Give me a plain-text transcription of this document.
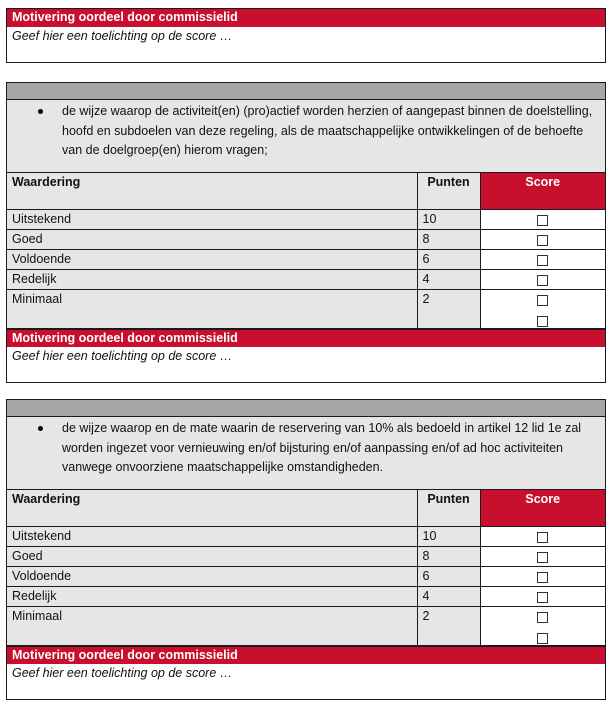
Motivering oordeel door commissielid
Geef hier een toelichting op de score …
de wijze waarop de activiteit(en) (pro)actief worden herzien of aangepast binnen de doelstelling, hoofd en subdoelen van deze regeling, als de maatschappelijke ontwikkelingen of de behoefte van de doelgroep(en) hierom vragen;
Waardering	Punten	Score
Uitstekend	10	
Goed	8	
Voldoende	6	
Redelijk	4	
Minimaal	2	
Motivering oordeel door commissielid
Geef hier een toelichting op de score …
de wijze waarop en de mate waarin de reservering van 10% als bedoeld in artikel 12 lid 1e zal worden ingezet voor vernieuwing en/of bijsturing en/of aanpassing en/of ad hoc activiteiten vanwege onvoorziene maatschappelijke omstandigheden.
Waardering	Punten	Score
Uitstekend	10	
Goed	8	
Voldoende	6	
Redelijk	4	
Minimaal	2	
Motivering oordeel door commissielid
Geef hier een toelichting op de score …
